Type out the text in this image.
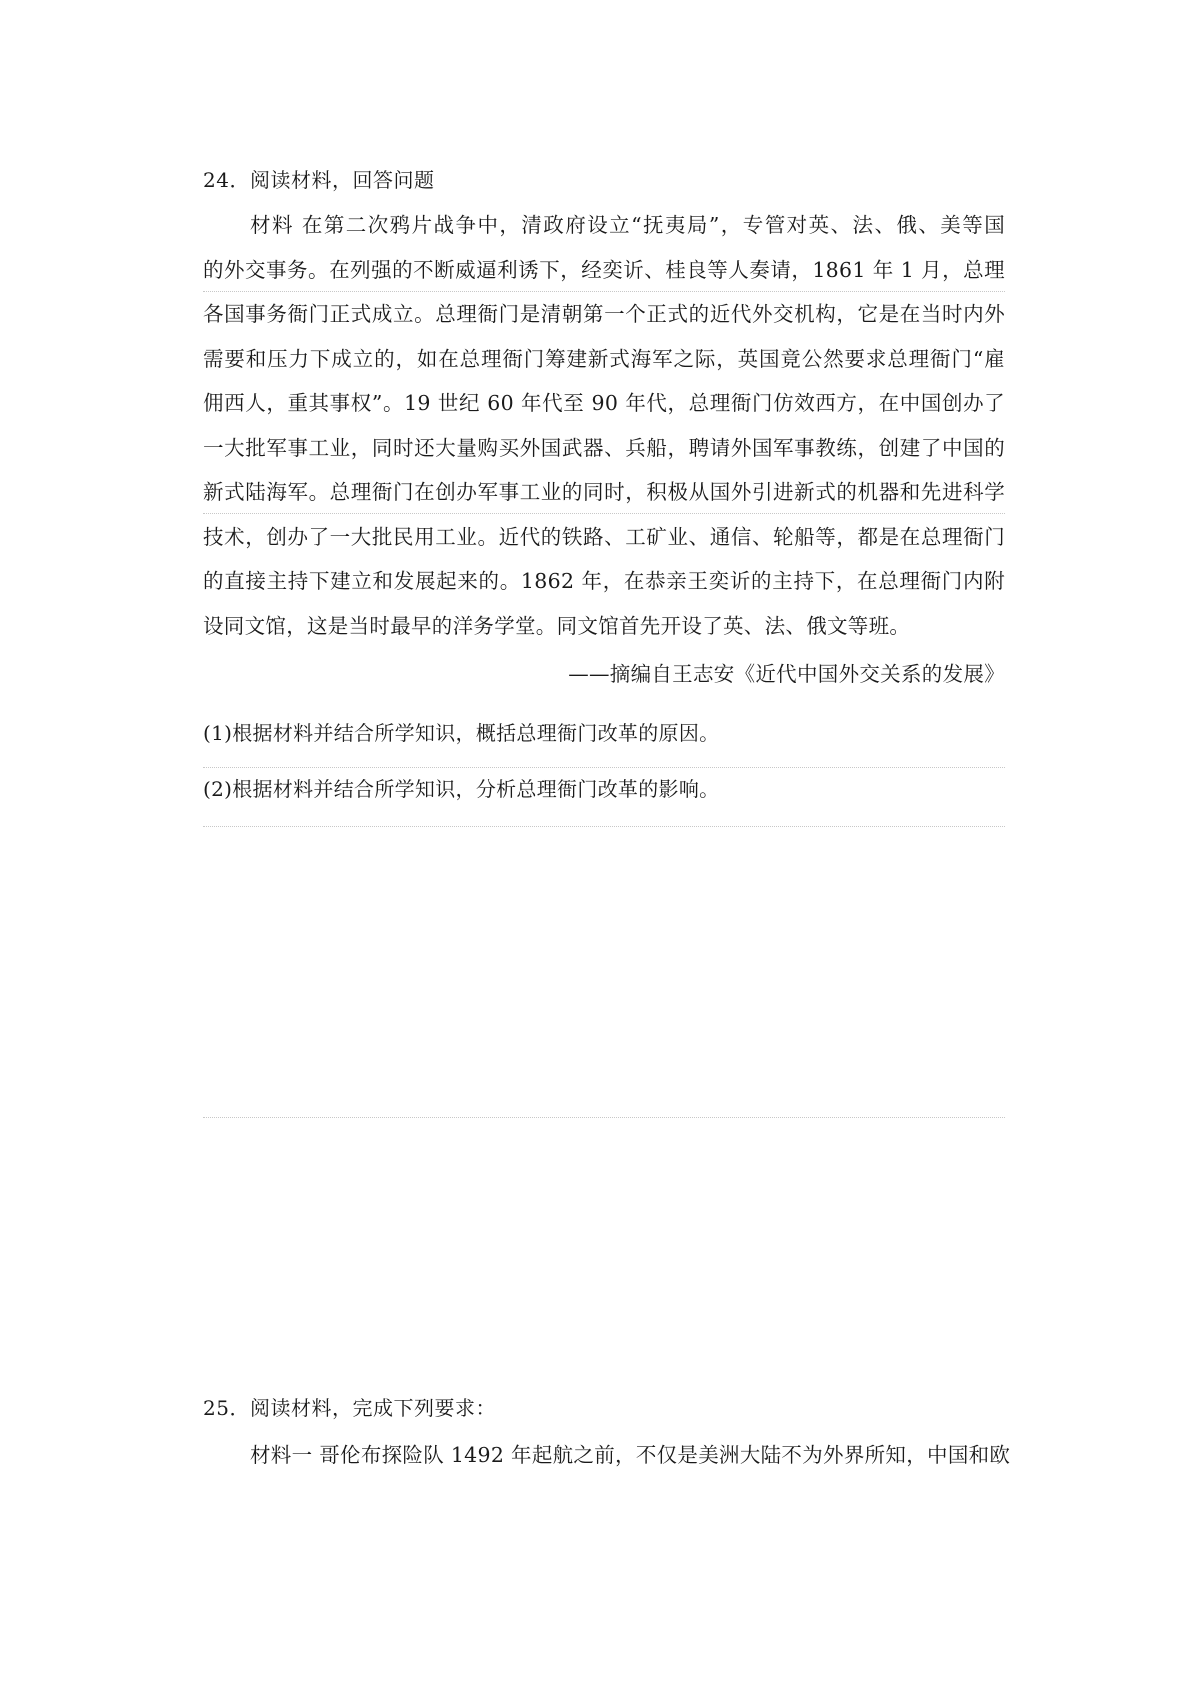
24．阅读材料，回答问题
材料 在第二次鸦片战争中，清政府设立“抚夷局”，专管对英、法、俄、美等国
的外交事务。在列强的不断威逼利诱下，经奕䜣、桂良等人奏请，1861 年 1 月，总理
各国事务衙门正式成立。总理衙门是清朝第一个正式的近代外交机构，它是在当时内外
需要和压力下成立的，如在总理衙门筹建新式海军之际，英国竟公然要求总理衙门“雇
佣西人，重其事权”。19 世纪 60 年代至 90 年代，总理衙门仿效西方，在中国创办了
一大批军事工业，同时还大量购买外国武器、兵船，聘请外国军事教练，创建了中国的
新式陆海军。总理衙门在创办军事工业的同时，积极从国外引进新式的机器和先进科学
技术，创办了一大批民用工业。近代的铁路、工矿业、通信、轮船等，都是在总理衙门
的直接主持下建立和发展起来的。1862 年，在恭亲王奕䜣的主持下，在总理衙门内附
设同文馆，这是当时最早的洋务学堂。同文馆首先开设了英、法、俄文等班。
——摘编自王志安《近代中国外交关系的发展》
(1)根据材料并结合所学知识，概括总理衙门改革的原因。
(2)根据材料并结合所学知识，分析总理衙门改革的影响。
25．阅读材料，完成下列要求：
材料一 哥伦布探险队 1492 年起航之前，不仅是美洲大陆不为外界所知，中国和欧
